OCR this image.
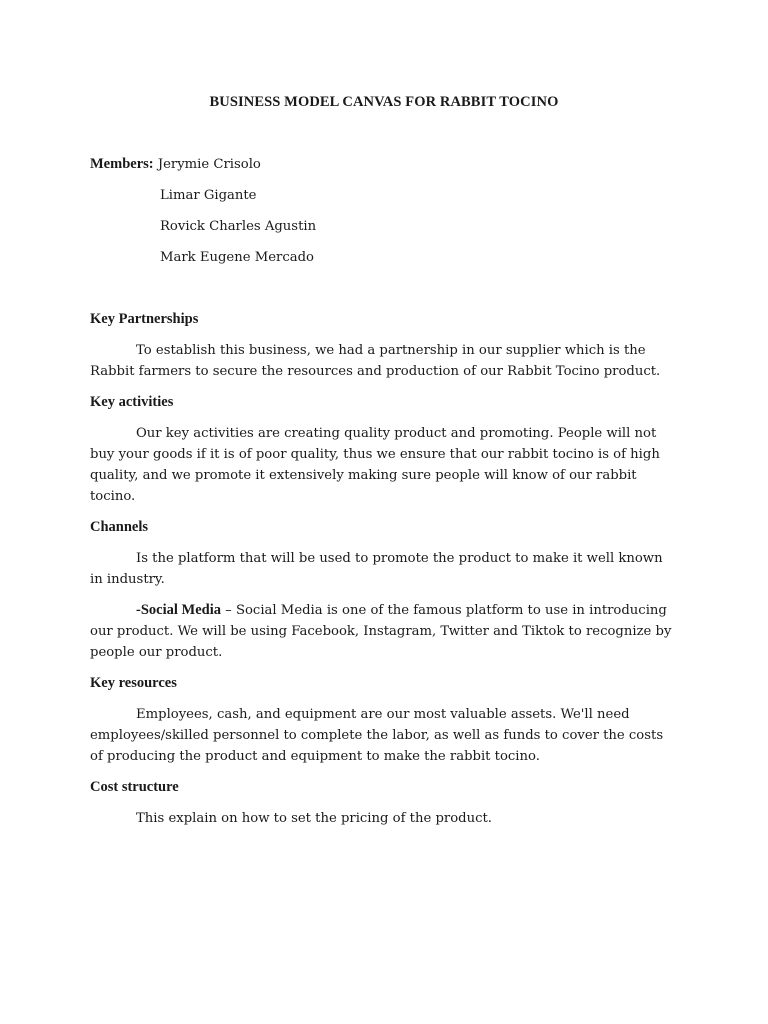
BUSINESS MODEL CANVAS FOR RABBIT TOCINO
Members: Jerymie Crisolo
Limar Gigante
Rovick Charles Agustin
Mark Eugene Mercado
Key Partnerships

To establish this business, we had a partnership in our supplier which is the Rabbit farmers to secure the resources and production of our Rabbit Tocino product.

Key activities

Our key activities are creating quality product and promoting. People will not buy your goods if it is of poor quality, thus we ensure that our rabbit tocino is of high quality, and we promote it extensively making sure people will know of our rabbit tocino.

Channels

Is the platform that will be used to promote the product to make it well known in industry.

-Social Media – Social Media is one of the famous platform to use in introducing our product. We will be using Facebook, Instagram, Twitter and Tiktok to recognize by people our product.

Key resources

Employees, cash, and equipment are our most valuable assets. We'll need employees/skilled personnel to complete the labor, as well as funds to cover the costs of producing the product and equipment to make the rabbit tocino.

Cost structure

This explain on how to set the pricing of the product.
